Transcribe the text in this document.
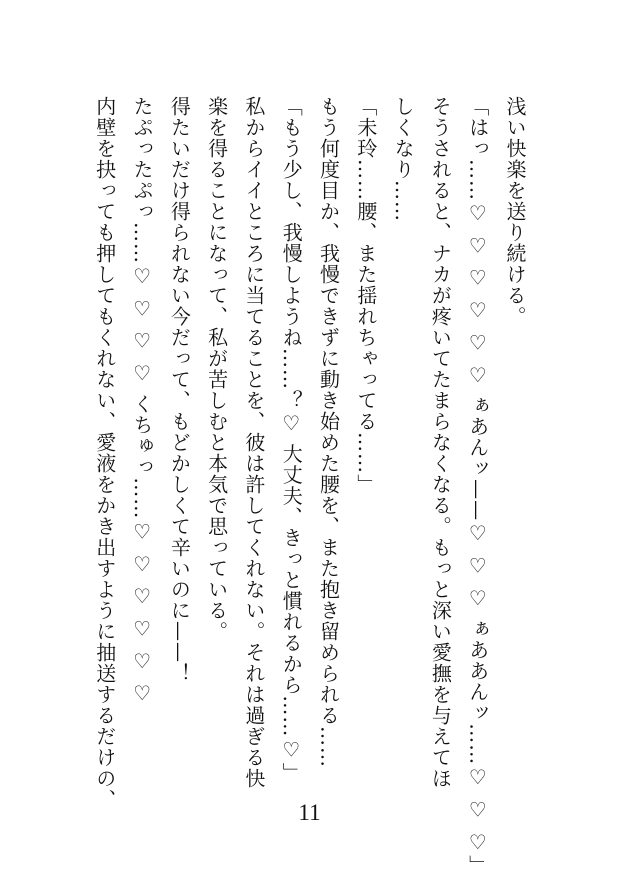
浅い快楽を送り続ける。

「はっ……♡ ♡ ♡ ♡ ♡ ♡ ぁあんッ——♡ ♡ ♡ ぁああんッ……♡ ♡ ♡」

そうされると、ナカが疼いてたまらなくなる。もっと深い愛撫を与えてほ

しくなり……

「未玲……腰、また揺れちゃってる……」

もう何度目か、我慢できずに動き始めた腰を、また抱き留められる……

「もう少し、我慢しようね……？♡ 大丈夫、きっと慣れるから……♡」

私からイイところに当てることを、彼は許してくれない。それは過ぎる快

楽を得ることになって、私が苦しむと本気で思っている。

得たいだけ得られない今だって、もどかしくて辛いのに——！

たぷったぷっ……♡ ♡ ♡ ♡ くちゅっ……♡ ♡ ♡ ♡ ♡ ♡

内壁を抉っても押してもくれない、愛液をかき出すように抽送するだけの、

11
